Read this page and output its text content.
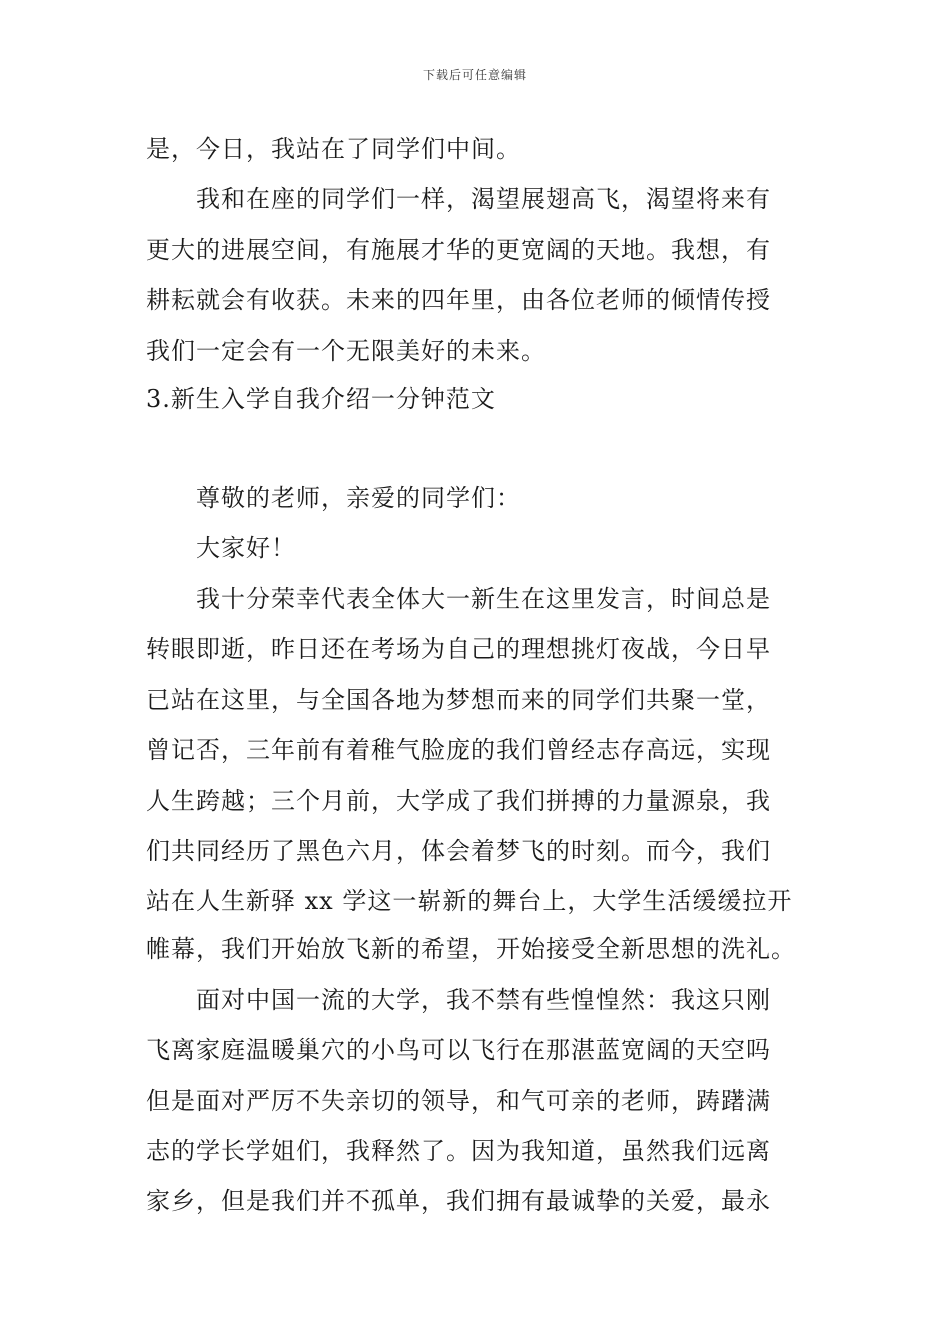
下载后可任意编辑
是，今日，我站在了同学们中间。
我和在座的同学们一样，渴望展翅高飞，渴望将来有
更大的进展空间，有施展才华的更宽阔的天地。我想，有
耕耘就会有收获。未来的四年里，由各位老师的倾情传授
我们一定会有一个无限美好的未来。
3.新生入学自我介绍一分钟范文
尊敬的老师，亲爱的同学们：
大家好！
我十分荣幸代表全体大一新生在这里发言，时间总是
转眼即逝，昨日还在考场为自己的理想挑灯夜战，今日早
已站在这里，与全国各地为梦想而来的同学们共聚一堂，
曾记否，三年前有着稚气脸庞的我们曾经志存高远，实现
人生跨越；三个月前，大学成了我们拼搏的力量源泉，我
们共同经历了黑色六月，体会着梦飞的时刻。而今，我们
站在人生新驿 xx 学这一崭新的舞台上，大学生活缓缓拉开
帷幕，我们开始放飞新的希望，开始接受全新思想的洗礼。
面对中国一流的大学，我不禁有些惶惶然：我这只刚
飞离家庭温暖巢穴的小鸟可以飞行在那湛蓝宽阔的天空吗
但是面对严厉不失亲切的领导，和气可亲的老师，踌躇满
志的学长学姐们，我释然了。因为我知道，虽然我们远离
家乡，但是我们并不孤单，我们拥有最诚挚的关爱，最永
